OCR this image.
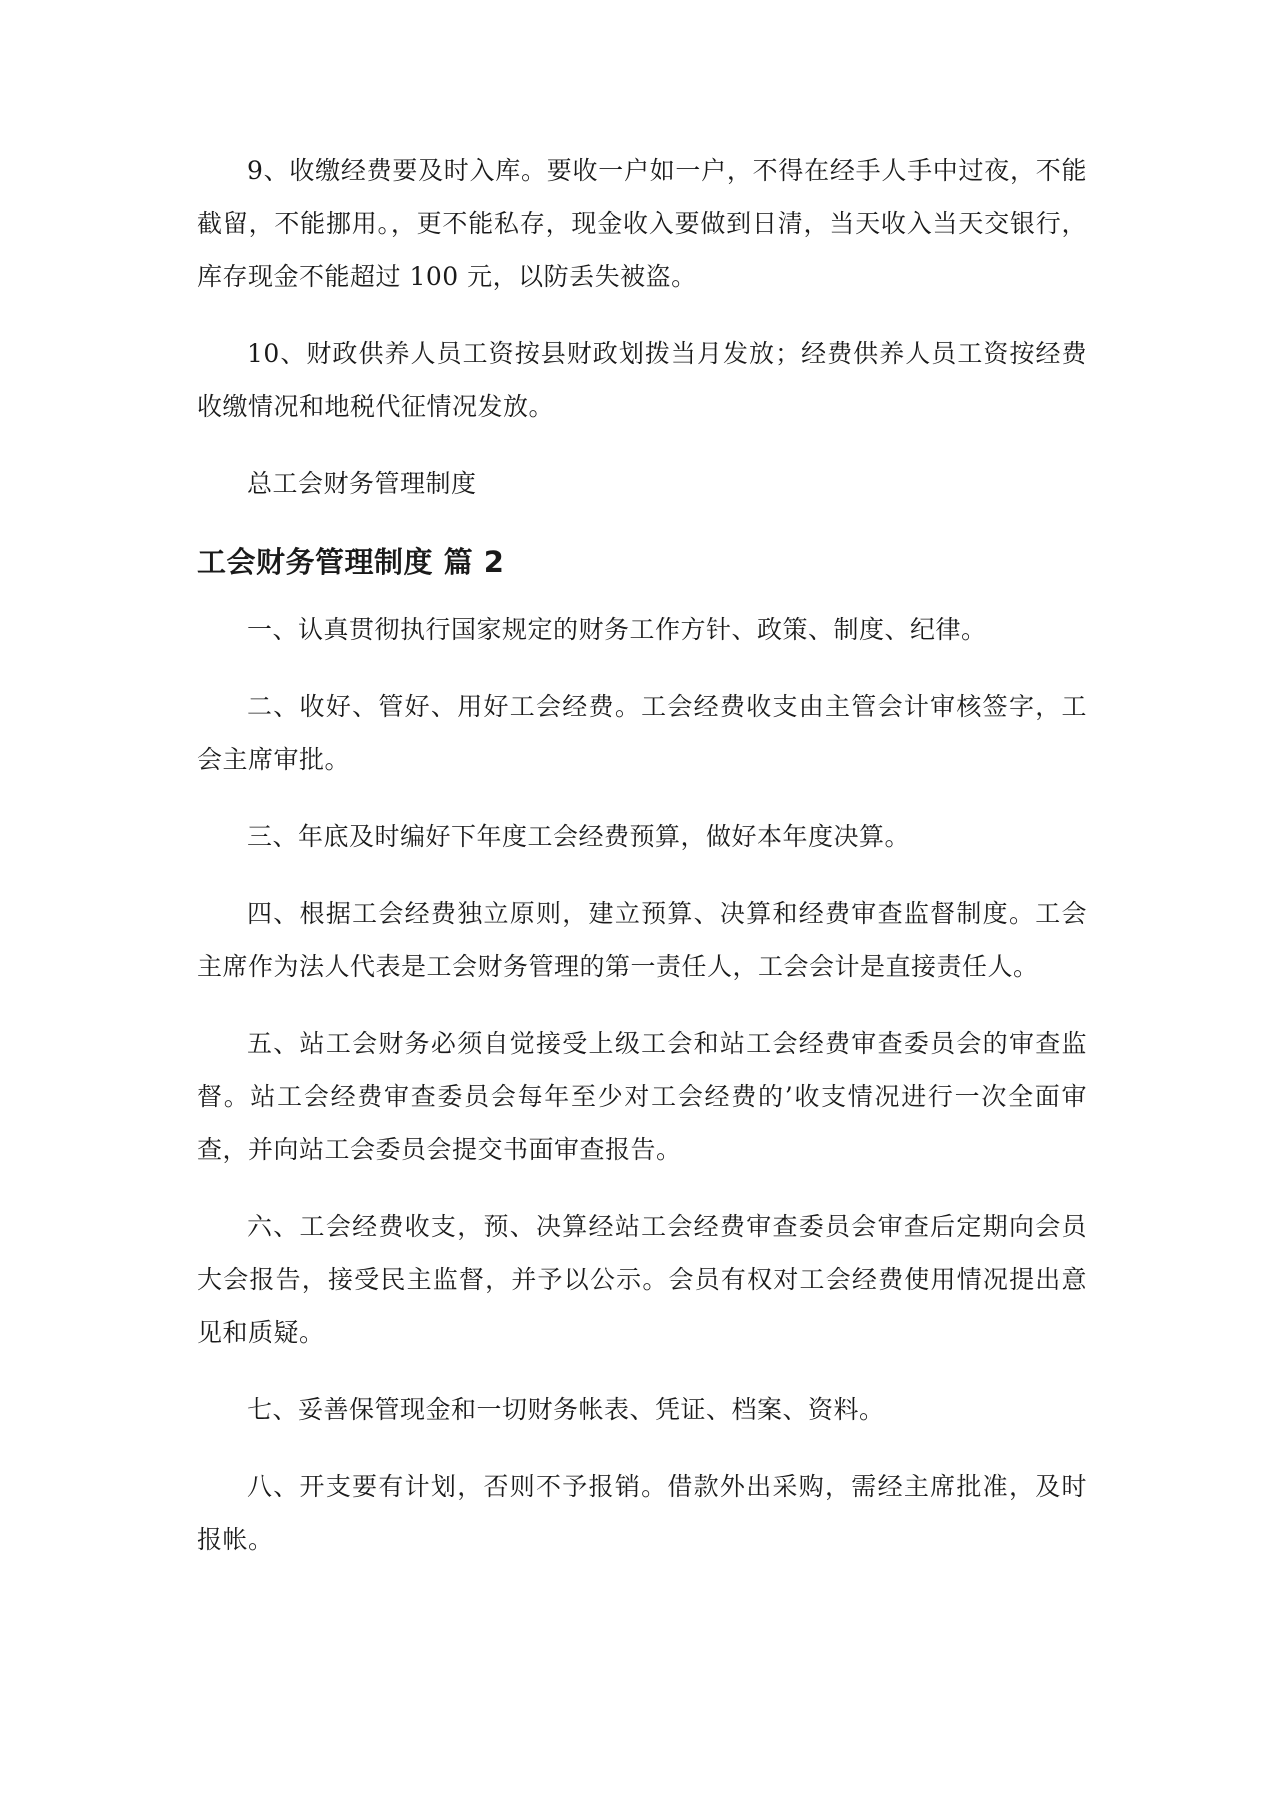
9、收缴经费要及时入库。要收一户如一户，不得在经手人手中过夜，不能截留，不能挪用。，更不能私存，现金收入要做到日清，当天收入当天交银行，库存现金不能超过 100 元，以防丢失被盗。

10、财政供养人员工资按县财政划拨当月发放；经费供养人员工资按经费收缴情况和地税代征情况发放。

总工会财务管理制度

工会财务管理制度 篇 2

一、认真贯彻执行国家规定的财务工作方针、政策、制度、纪律。

二、收好、管好、用好工会经费。工会经费收支由主管会计审核签字，工会主席审批。

三、年底及时编好下年度工会经费预算，做好本年度决算。

四、根据工会经费独立原则，建立预算、决算和经费审查监督制度。工会主席作为法人代表是工会财务管理的第一责任人，工会会计是直接责任人。

五、站工会财务必须自觉接受上级工会和站工会经费审查委员会的审查监督。站工会经费审查委员会每年至少对工会经费的’收支情况进行一次全面审查，并向站工会委员会提交书面审查报告。

六、工会经费收支，预、决算经站工会经费审查委员会审查后定期向会员大会报告，接受民主监督，并予以公示。会员有权对工会经费使用情况提出意见和质疑。

七、妥善保管现金和一切财务帐表、凭证、档案、资料。

八、开支要有计划，否则不予报销。借款外出采购，需经主席批准，及时报帐。
